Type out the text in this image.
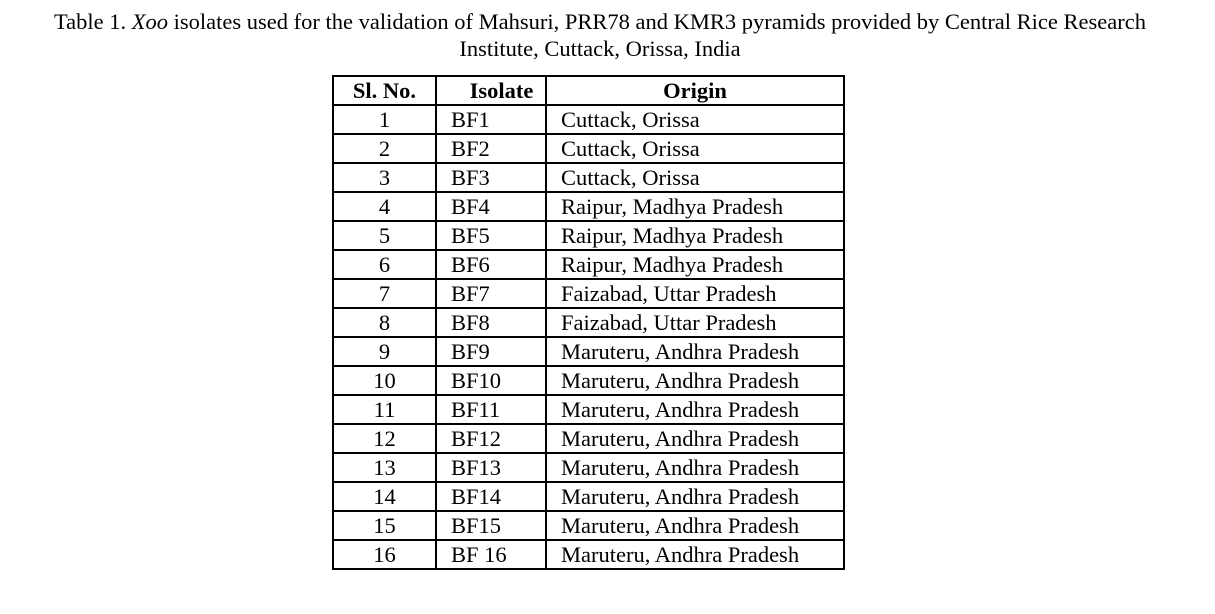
Table 1. Xoo isolates used for the validation of Mahsuri, PRR78 and KMR3 pyramids provided by Central Rice Research
Institute, Cuttack, Orissa, India
Sl. No.	Isolate	Origin
1	BF1	Cuttack, Orissa
2	BF2	Cuttack, Orissa
3	BF3	Cuttack, Orissa
4	BF4	Raipur, Madhya Pradesh
5	BF5	Raipur, Madhya Pradesh
6	BF6	Raipur, Madhya Pradesh
7	BF7	Faizabad, Uttar Pradesh
8	BF8	Faizabad, Uttar Pradesh
9	BF9	Maruteru, Andhra Pradesh
10	BF10	Maruteru, Andhra Pradesh
11	BF11	Maruteru, Andhra Pradesh
12	BF12	Maruteru, Andhra Pradesh
13	BF13	Maruteru, Andhra Pradesh
14	BF14	Maruteru, Andhra Pradesh
15	BF15	Maruteru, Andhra Pradesh
16	BF 16	Maruteru, Andhra Pradesh
